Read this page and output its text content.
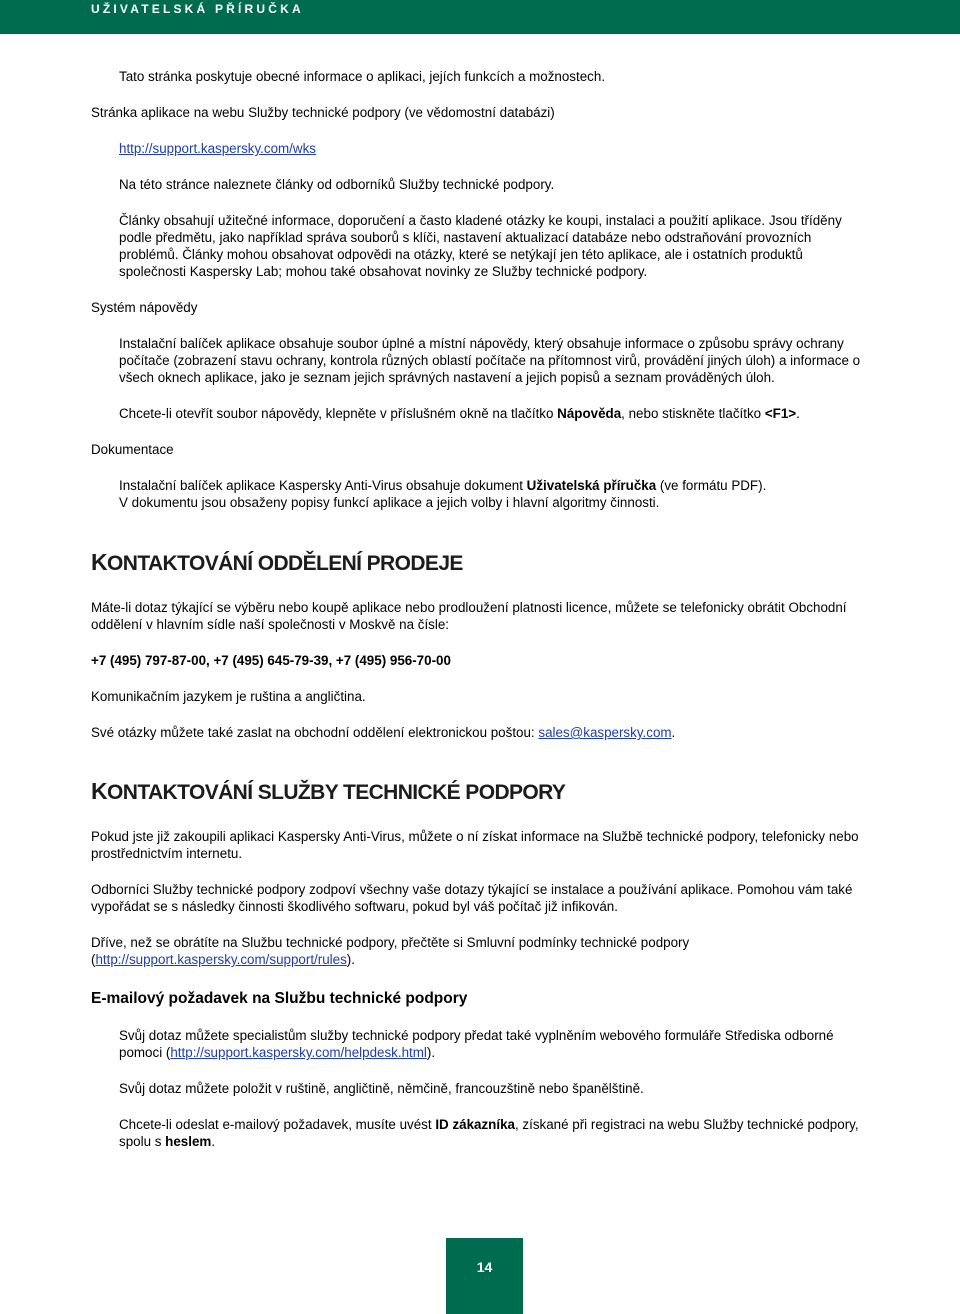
UŽIVATELSKÁ PŘÍRUČKA

Tato stránka poskytuje obecné informace o aplikaci, jejích funkcích a možnostech.

Stránka aplikace na webu Služby technické podpory (ve vědomostní databázi)

http://support.kaspersky.com/wks

Na této stránce naleznete články od odborníků Služby technické podpory.

Články obsahují užitečné informace, doporučení a často kladené otázky ke koupi, instalaci a použití aplikace. Jsou tříděny podle předmětu, jako například správa souborů s klíči, nastavení aktualizací databáze nebo odstraňování provozních problémů. Články mohou obsahovat odpovědi na otázky, které se netýkají jen této aplikace, ale i ostatních produktů společnosti Kaspersky Lab; mohou také obsahovat novinky ze Služby technické podpory.

Systém nápovědy

Instalační balíček aplikace obsahuje soubor úplné a místní nápovědy, který obsahuje informace o způsobu správy ochrany počítače (zobrazení stavu ochrany, kontrola různých oblastí počítače na přítomnost virů, provádění jiných úloh) a informace o všech oknech aplikace, jako je seznam jejich správných nastavení a jejich popisů a seznam prováděných úloh.

Chcete-li otevřít soubor nápovědy, klepněte v příslušném okně na tlačítko Nápověda, nebo stiskněte tlačítko <F1>.

Dokumentace

Instalační balíček aplikace Kaspersky Anti-Virus obsahuje dokument Uživatelská příručka (ve formátu PDF).

V dokumentu jsou obsaženy popisy funkcí aplikace a jejich volby i hlavní algoritmy činnosti.

KONTAKTOVÁNÍ ODDĚLENÍ PRODEJE

Máte-li dotaz týkající se výběru nebo koupě aplikace nebo prodloužení platnosti licence, můžete se telefonicky obrátit Obchodní oddělení v hlavním sídle naší společnosti v Moskvě na čísle:

+7 (495) 797-87-00, +7 (495) 645-79-39, +7 (495) 956-70-00

Komunikačním jazykem je ruština a angličtina.

Své otázky můžete také zaslat na obchodní oddělení elektronickou poštou: sales@kaspersky.com.

KONTAKTOVÁNÍ SLUŽBY TECHNICKÉ PODPORY

Pokud jste již zakoupili aplikaci Kaspersky Anti-Virus, můžete o ní získat informace na Službě technické podpory, telefonicky nebo prostřednictvím internetu.

Odborníci Služby technické podpory zodpoví všechny vaše dotazy týkající se instalace a používání aplikace. Pomohou vám také vypořádat se s následky činnosti škodlivého softwaru, pokud byl váš počítač již infikován.

Dříve, než se obrátíte na Službu technické podpory, přečtěte si Smluvní podmínky technické podpory (http://support.kaspersky.com/support/rules).

E-mailový požadavek na Službu technické podpory

Svůj dotaz můžete specialistům služby technické podpory předat také vyplněním webového formuláře Střediska odborné pomoci (http://support.kaspersky.com/helpdesk.html).

Svůj dotaz můžete položit v ruštině, angličtině, němčině, francouzštině nebo španělštině.

Chcete-li odeslat e-mailový požadavek, musíte uvést ID zákazníka, získané při registraci na webu Služby technické podpory, spolu s heslem.

14
